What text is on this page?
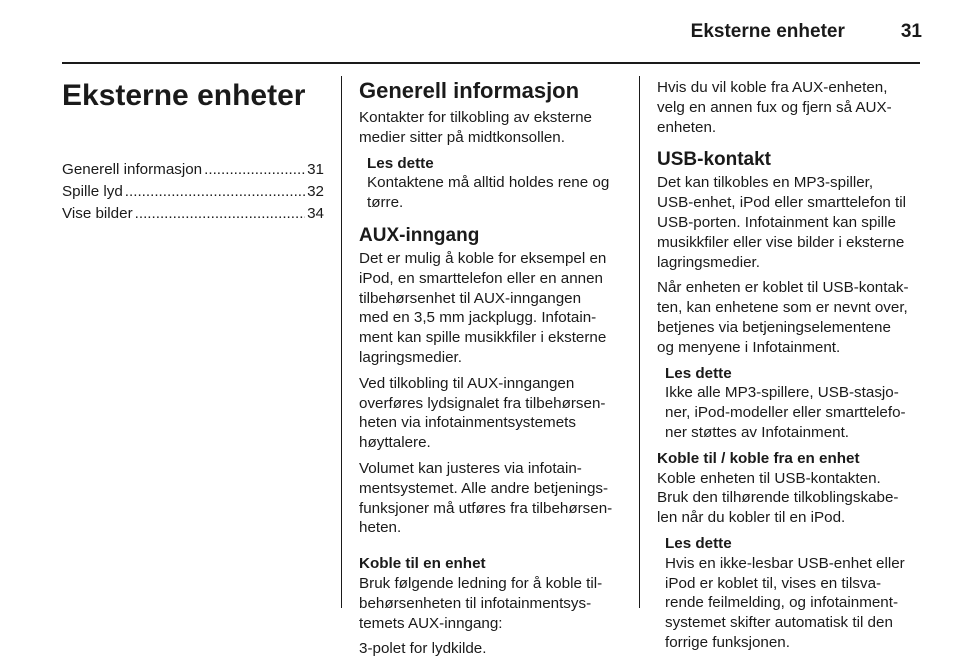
Eksterne enheter	31
Eksterne enheter
Generell informasjon .....	31
Spille lyd .....	32
Vise bilder .....	34
Generell informasjon

Kontakter for tilkobling av eksterne
medier sitter på midtkonsollen.

Les dette
Kontaktene må alltid holdes rene og
tørre.
AUX-inngang

Det er mulig å koble for eksempel en
iPod, en smarttelefon eller en annen
tilbehørsenhet til AUX-inngangen
med en 3,5 mm jackplugg. Infotain-
ment kan spille musikkfiler i eksterne
lagringsmedier.

Ved tilkobling til AUX-inngangen
overføres lydsignalet fra tilbehørsen-
heten via infotainmentsystemets
høyttalere.

Volumet kan justeres via infotain-
mentsystemet. Alle andre betjenings-
funksjoner må utføres fra tilbehørsen-
heten.

Koble til en enhet

Bruk følgende ledning for å koble til-
behørsenheten til infotainmentsys-
temets AUX-inngang:

3-polet for lydkilde.

Hvis du vil koble fra AUX-enheten,
velg en annen fux og fjern så AUX-
enheten.

USB-kontakt

Det kan tilkobles en MP3-spiller,
USB-enhet, iPod eller smarttelefon til
USB-porten. Infotainment kan spille
musikkfiler eller vise bilder i eksterne
lagringsmedier.

Når enheten er koblet til USB-kontak-
ten, kan enhetene som er nevnt over,
betjenes via betjeningselementene
og menyene i Infotainment.

Les dette
Ikke alle MP3-spillere, USB-stasjo-
ner, iPod-modeller eller smarttelefo-
ner støttes av Infotainment.
Koble til / koble fra en enhet

Koble enheten til USB-kontakten.
Bruk den tilhørende tilkoblingskabe-
len når du kobler til en iPod.

Les dette
Hvis en ikke-lesbar USB-enhet eller
iPod er koblet til, vises en tilsva-
rende feilmelding, og infotainment-
systemet skifter automatisk til den
forrige funksjonen.
